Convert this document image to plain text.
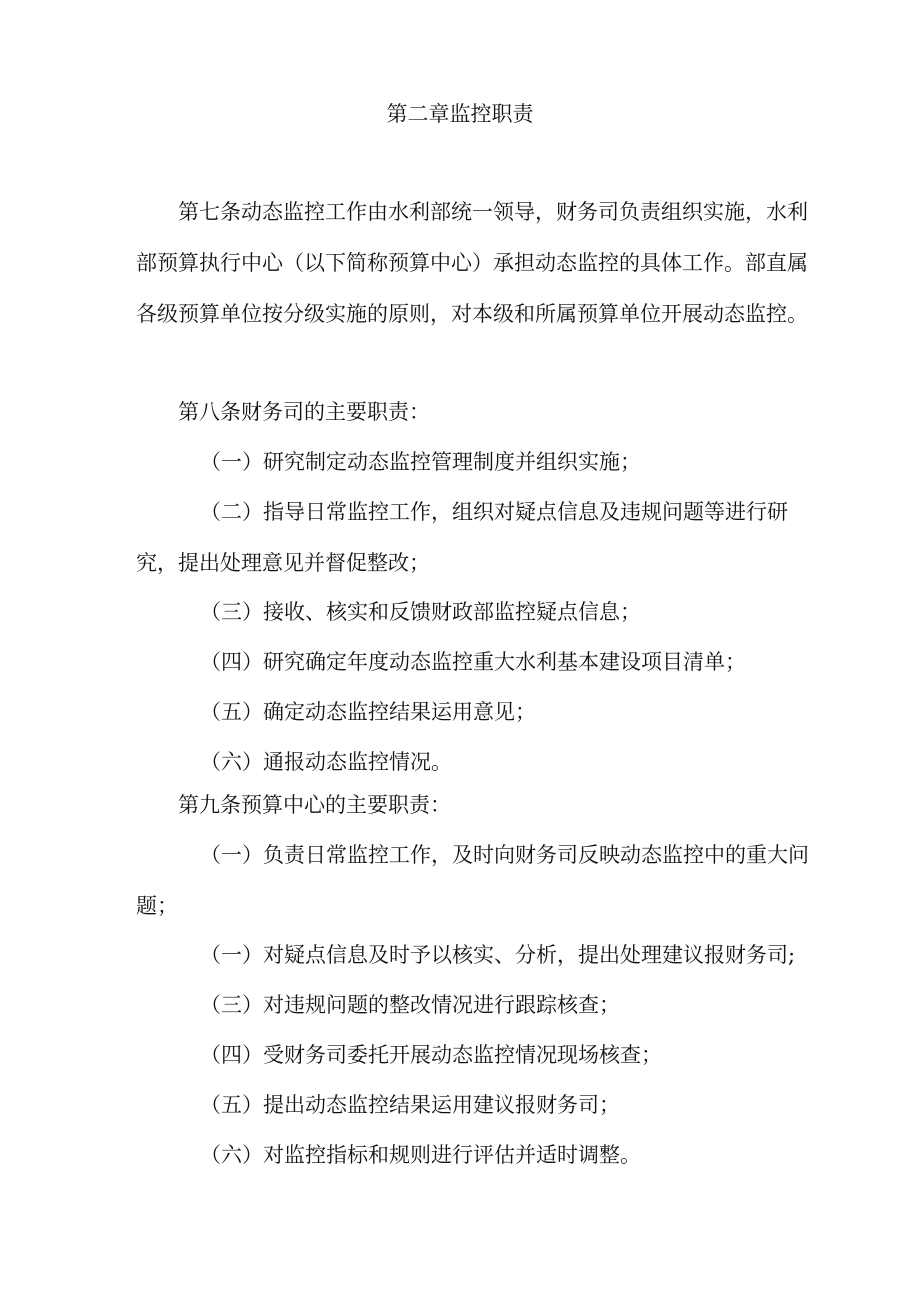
第二章监控职责

第七条动态监控工作由水利部统一领导，财务司负责组织实施，水利部预算执行中心（以下简称预算中心）承担动态监控的具体工作。部直属各级预算单位按分级实施的原则，对本级和所属预算单位开展动态监控。

第八条财务司的主要职责：

（一）研究制定动态监控管理制度并组织实施；

（二）指导日常监控工作，组织对疑点信息及违规问题等进行研究，提出处理意见并督促整改；

（三）接收、核实和反馈财政部监控疑点信息；

（四）研究确定年度动态监控重大水利基本建设项目清单；

（五）确定动态监控结果运用意见；

（六）通报动态监控情况。

第九条预算中心的主要职责：

（一）负责日常监控工作，及时向财务司反映动态监控中的重大问题；

（一）对疑点信息及时予以核实、分析，提出处理建议报财务司;

（三）对违规问题的整改情况进行跟踪核查；

（四）受财务司委托开展动态监控情况现场核查；

（五）提出动态监控结果运用建议报财务司；

（六）对监控指标和规则进行评估并适时调整。
